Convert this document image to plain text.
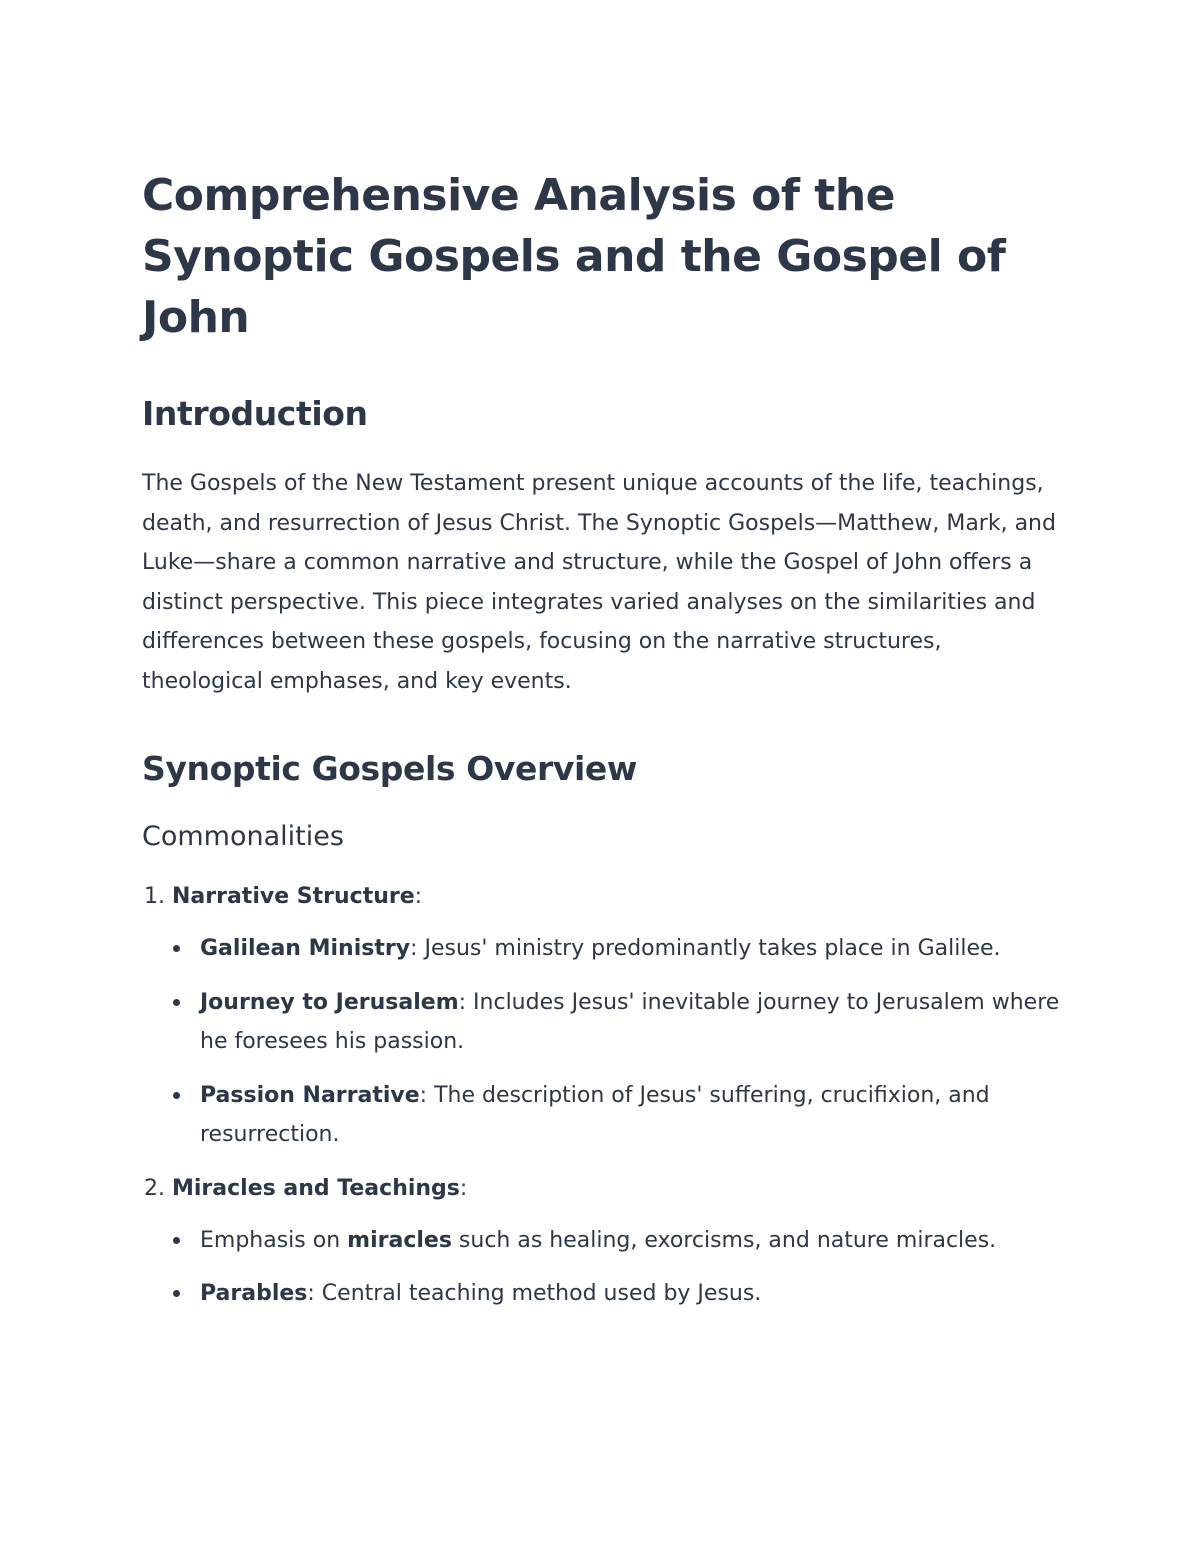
Comprehensive Analysis of the
Synoptic Gospels and the Gospel of
John
Introduction

The Gospels of the New Testament present unique accounts of the life, teachings, death, and resurrection of Jesus Christ. The Synoptic Gospels—Matthew, Mark, and Luke—share a common narrative and structure, while the Gospel of John offers a distinct perspective. This piece integrates varied analyses on the similarities and differences between these gospels, focusing on the narrative structures, theological emphases, and key events.

Synoptic Gospels Overview
Commonalities
1. Narrative Structure:
Galilean Ministry: Jesus' ministry predominantly takes place in Galilee.
Journey to Jerusalem: Includes Jesus' inevitable journey to Jerusalem where he foresees his passion.
Passion Narrative: The description of Jesus' suffering, crucifixion, and resurrection.
2. Miracles and Teachings:
Emphasis on miracles such as healing, exorcisms, and nature miracles.
Parables: Central teaching method used by Jesus.
